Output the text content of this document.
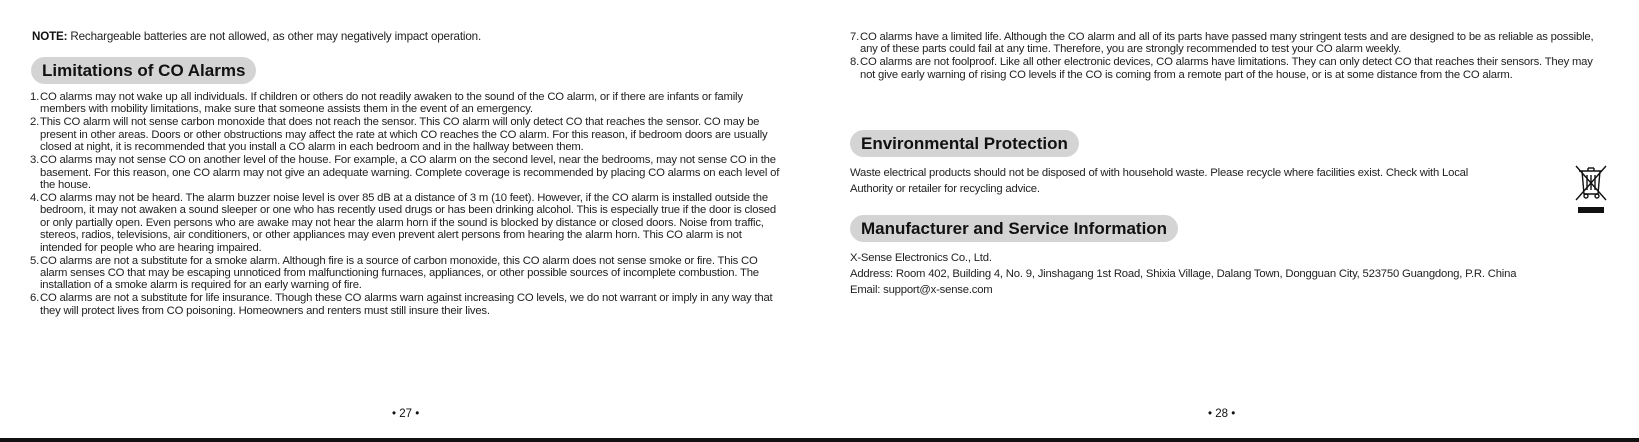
NOTE: Rechargeable batteries are not allowed, as other may negatively impact operation.
Limitations of CO Alarms
1. CO alarms may not wake up all individuals. If children or others do not readily awaken to the sound of the CO alarm, or if there are infants or family members with mobility limitations, make sure that someone assists them in the event of an emergency.
2. This CO alarm will not sense carbon monoxide that does not reach the sensor. This CO alarm will only detect CO that reaches the sensor. CO may be present in other areas. Doors or other obstructions may affect the rate at which CO reaches the CO alarm. For this reason, if bedroom doors are usually closed at night, it is recommended that you install a CO alarm in each bedroom and in the hallway between them.
3. CO alarms may not sense CO on another level of the house. For example, a CO alarm on the second level, near the bedrooms, may not sense CO in the basement. For this reason, one CO alarm may not give an adequate warning. Complete coverage is recommended by placing CO alarms on each level of the house.
4. CO alarms may not be heard. The alarm buzzer noise level is over 85 dB at a distance of 3 m (10 feet). However, if the CO alarm is installed outside the bedroom, it may not awaken a sound sleeper or one who has recently used drugs or has been drinking alcohol. This is especially true if the door is closed or only partially open. Even persons who are awake may not hear the alarm horn if the sound is blocked by distance or closed doors. Noise from traffic, stereos, radios, televisions, air conditioners, or other appliances may even prevent alert persons from hearing the alarm horn. This CO alarm is not intended for people who are hearing impaired.
5. CO alarms are not a substitute for a smoke alarm. Although fire is a source of carbon monoxide, this CO alarm does not sense smoke or fire. This CO alarm senses CO that may be escaping unnoticed from malfunctioning furnaces, appliances, or other possible sources of incomplete combustion. The installation of a smoke alarm is required for an early warning of fire.
6. CO alarms are not a substitute for life insurance. Though these CO alarms warn against increasing CO levels, we do not warrant or imply in any way that they will protect lives from CO poisoning. Homeowners and renters must still insure their lives.
• 27 •
7. CO alarms have a limited life. Although the CO alarm and all of its parts have passed many stringent tests and are designed to be as reliable as possible, any of these parts could fail at any time. Therefore, you are strongly recommended to test your CO alarm weekly.
8. CO alarms are not foolproof. Like all other electronic devices, CO alarms have limitations. They can only detect CO that reaches their sensors. They may not give early warning of rising CO levels if the CO is coming from a remote part of the house, or is at some distance from the CO alarm.
Environmental Protection
Waste electrical products should not be disposed of with household waste. Please recycle where facilities exist. Check with Local Authority or retailer for recycling advice.
Manufacturer and Service Information
X-Sense Electronics Co., Ltd.
Address: Room 402, Building 4, No. 9, Jinshagang 1st Road, Shixia Village, Dalang Town, Dongguan City, 523750 Guangdong, P.R. China
Email: support@x-sense.com
• 28 •
